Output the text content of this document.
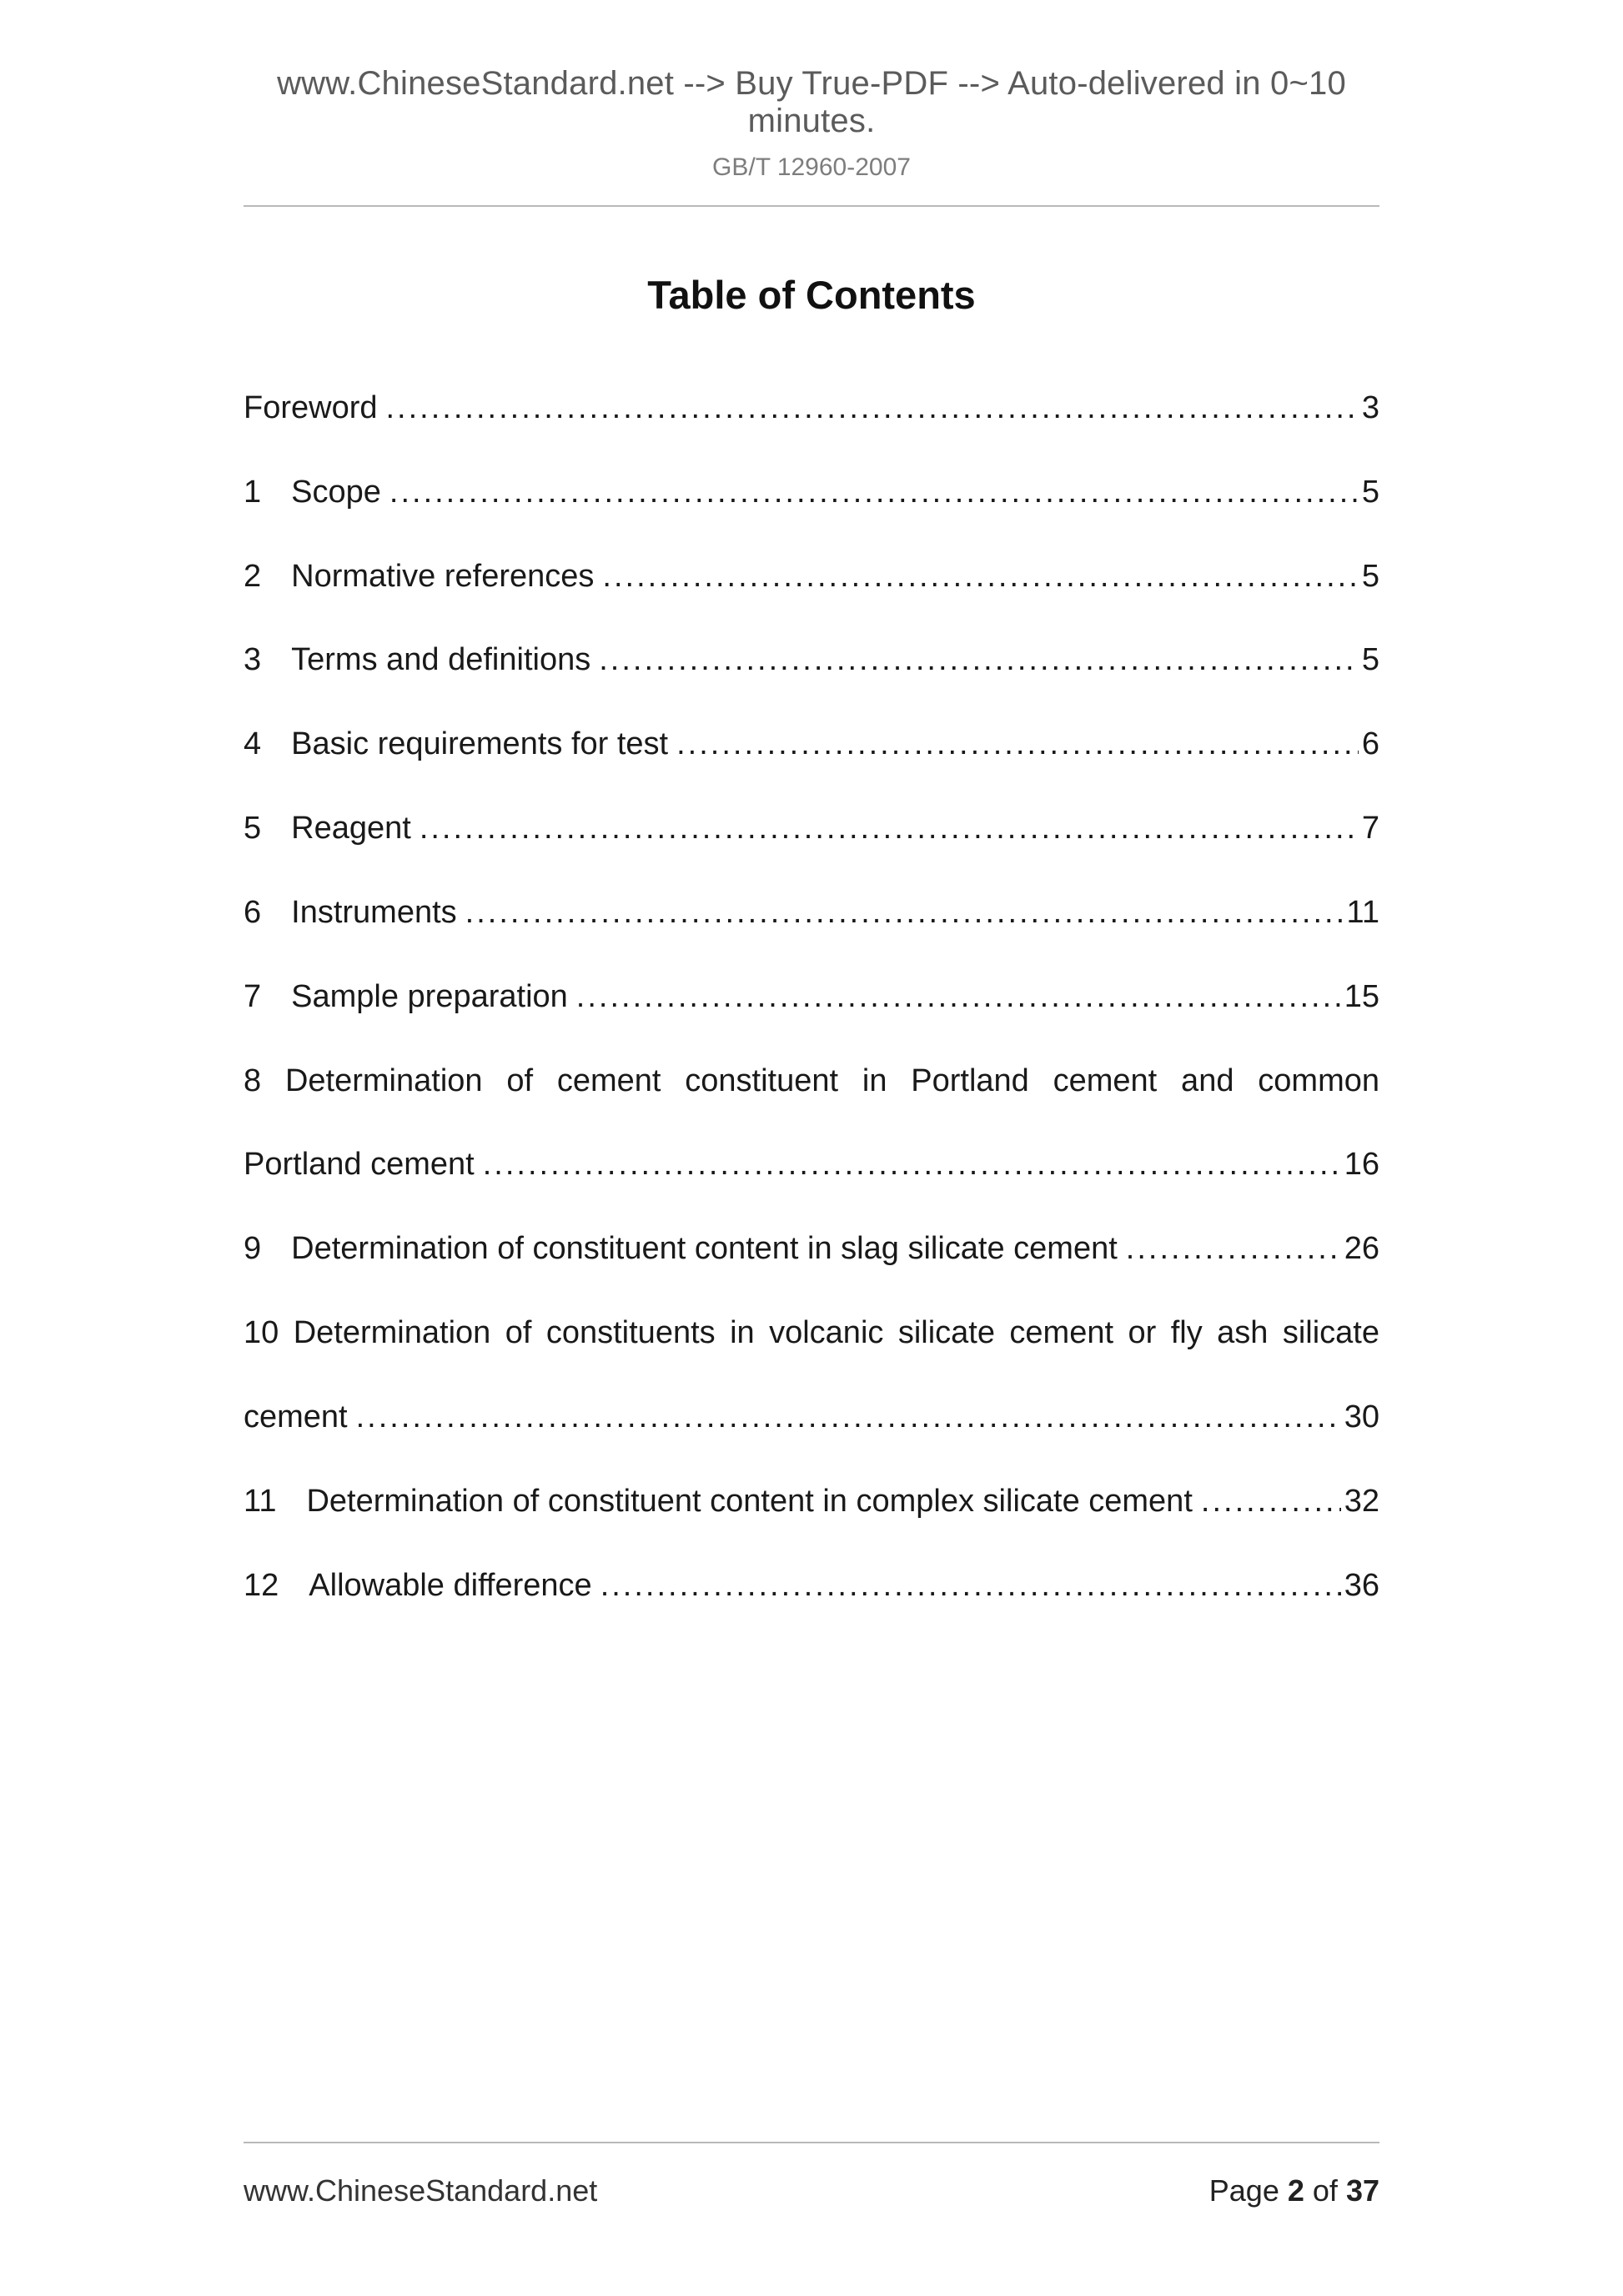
www.ChineseStandard.net --> Buy True-PDF --> Auto-delivered in 0~10 minutes.
GB/T 12960-2007
Table of Contents
Foreword .....	3
1 Scope .....	5
2 Normative references .....	5
3 Terms and definitions .....	5
4 Basic requirements for test .....	6
5 Reagent .....	7
6 Instruments .....	11
7 Sample preparation .....	15
8 Determination of cement constituent in Portland cement and common
Portland cement .....	16
9 Determination of constituent content in slag silicate cement .....	26
10 Determination of constituents in volcanic silicate cement or fly ash silicate
cement .....	30
11 Determination of constituent content in complex silicate cement .....	32
12 Allowable difference .....	36
www.ChineseStandard.net	Page 2 of 37
